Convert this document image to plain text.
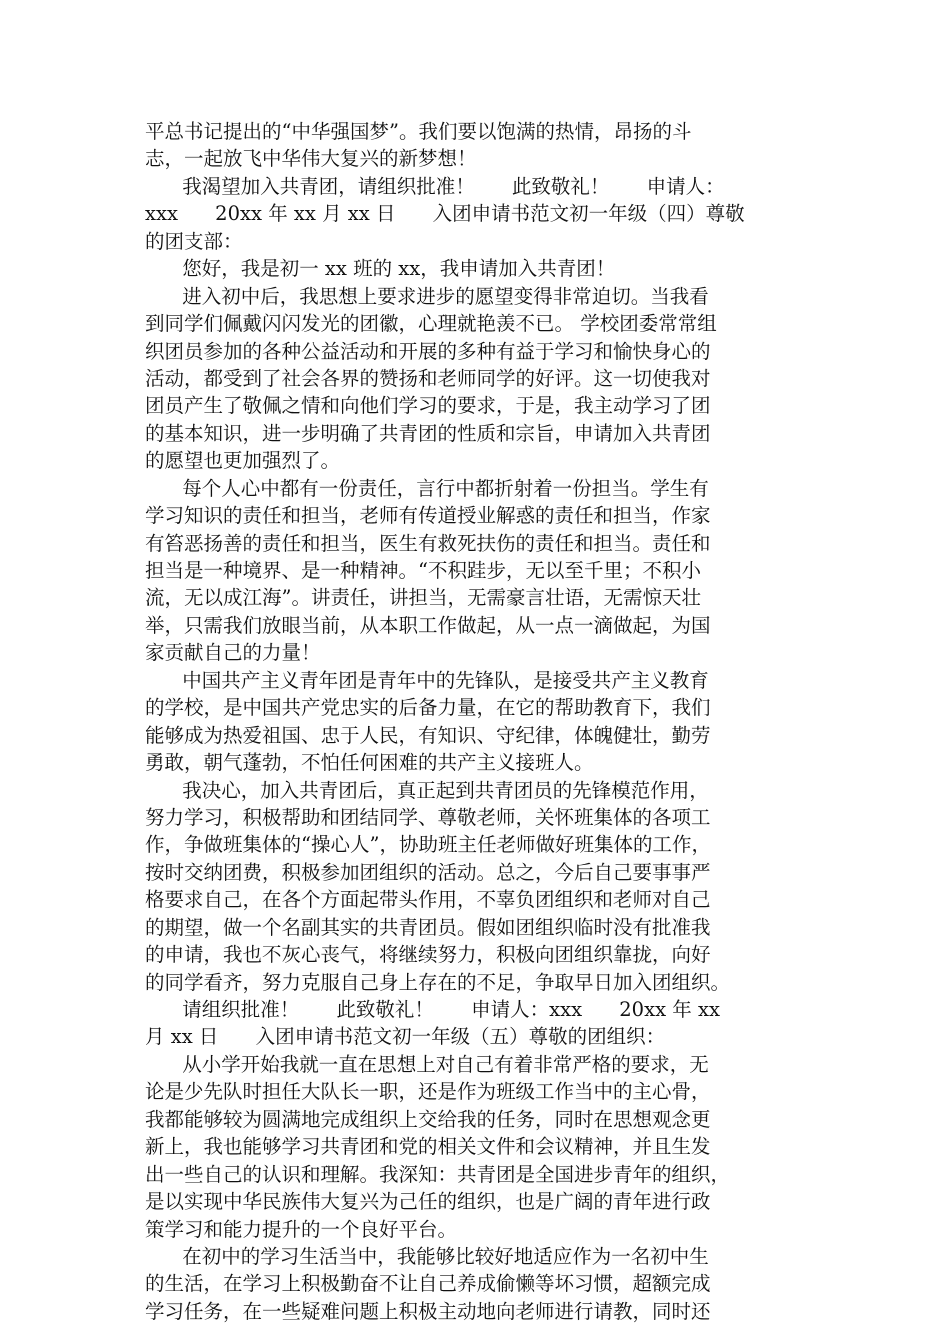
平总书记提出的“中华强国梦”。我们要以饱满的热情，昂扬的斗
志，一起放飞中华伟大复兴的新梦想！
我渴望加入共青团，请组织批准！      此致敬礼！      申请人：
xxx      20xx 年 xx 月 xx 日      入团申请书范文初一年级（四）尊敬
的团支部：
您好，我是初一 xx 班的 xx，我申请加入共青团！
进入初中后，我思想上要求进步的愿望变得非常迫切。当我看
到同学们佩戴闪闪发光的团徽，心理就艳羡不已。 学校团委常常组
织团员参加的各种公益活动和开展的多种有益于学习和愉快身心的
活动，都受到了社会各界的赞扬和老师同学的好评。这一切使我对
团员产生了敬佩之情和向他们学习的要求，于是，我主动学习了团
的基本知识，进一步明确了共青团的性质和宗旨，申请加入共青团
的愿望也更加强烈了。
每个人心中都有一份责任，言行中都折射着一份担当。学生有
学习知识的责任和担当，老师有传道授业解惑的责任和担当，作家
有笞恶扬善的责任和担当，医生有救死扶伤的责任和担当。责任和
担当是一种境界、是一种精神。“不积跬步，无以至千里；不积小
流，无以成江海”。讲责任，讲担当，无需豪言壮语，无需惊天壮
举，只需我们放眼当前，从本职工作做起，从一点一滴做起，为国
家贡献自己的力量！
中国共产主义青年团是青年中的先锋队，是接受共产主义教育
的学校，是中国共产党忠实的后备力量，在它的帮助教育下，我们
能够成为热爱祖国、忠于人民，有知识、守纪律，体魄健壮，勤劳
勇敢，朝气蓬勃，不怕任何困难的共产主义接班人。
我决心，加入共青团后，真正起到共青团员的先锋模范作用，
努力学习，积极帮助和团结同学、尊敬老师，关怀班集体的各项工
作，争做班集体的“操心人”，协助班主任老师做好班集体的工作，
按时交纳团费，积极参加团组织的活动。总之，今后自己要事事严
格要求自己，在各个方面起带头作用，不辜负团组织和老师对自己
的期望，做一个名副其实的共青团员。假如团组织临时没有批准我
的申请，我也不灰心丧气，将继续努力，积极向团组织靠拢，向好
的同学看齐，努力克服自己身上存在的不足，争取早日加入团组织。
请组织批准！      此致敬礼！      申请人：xxx      20xx 年 xx
月 xx 日      入团申请书范文初一年级（五）尊敬的团组织：
从小学开始我就一直在思想上对自己有着非常严格的要求，无
论是少先队时担任大队长一职，还是作为班级工作当中的主心骨，
我都能够较为圆满地完成组织上交给我的任务，同时在思想观念更
新上，我也能够学习共青团和党的相关文件和会议精神，并且生发
出一些自己的认识和理解。我深知：共青团是全国进步青年的组织，
是以实现中华民族伟大复兴为己任的组织，也是广阔的青年进行政
策学习和能力提升的一个良好平台。
在初中的学习生活当中，我能够比较好地适应作为一名初中生
的生活，在学习上积极勤奋不让自己养成偷懒等坏习惯，超额完成
学习任务，在一些疑难问题上积极主动地向老师进行请教，同时还
